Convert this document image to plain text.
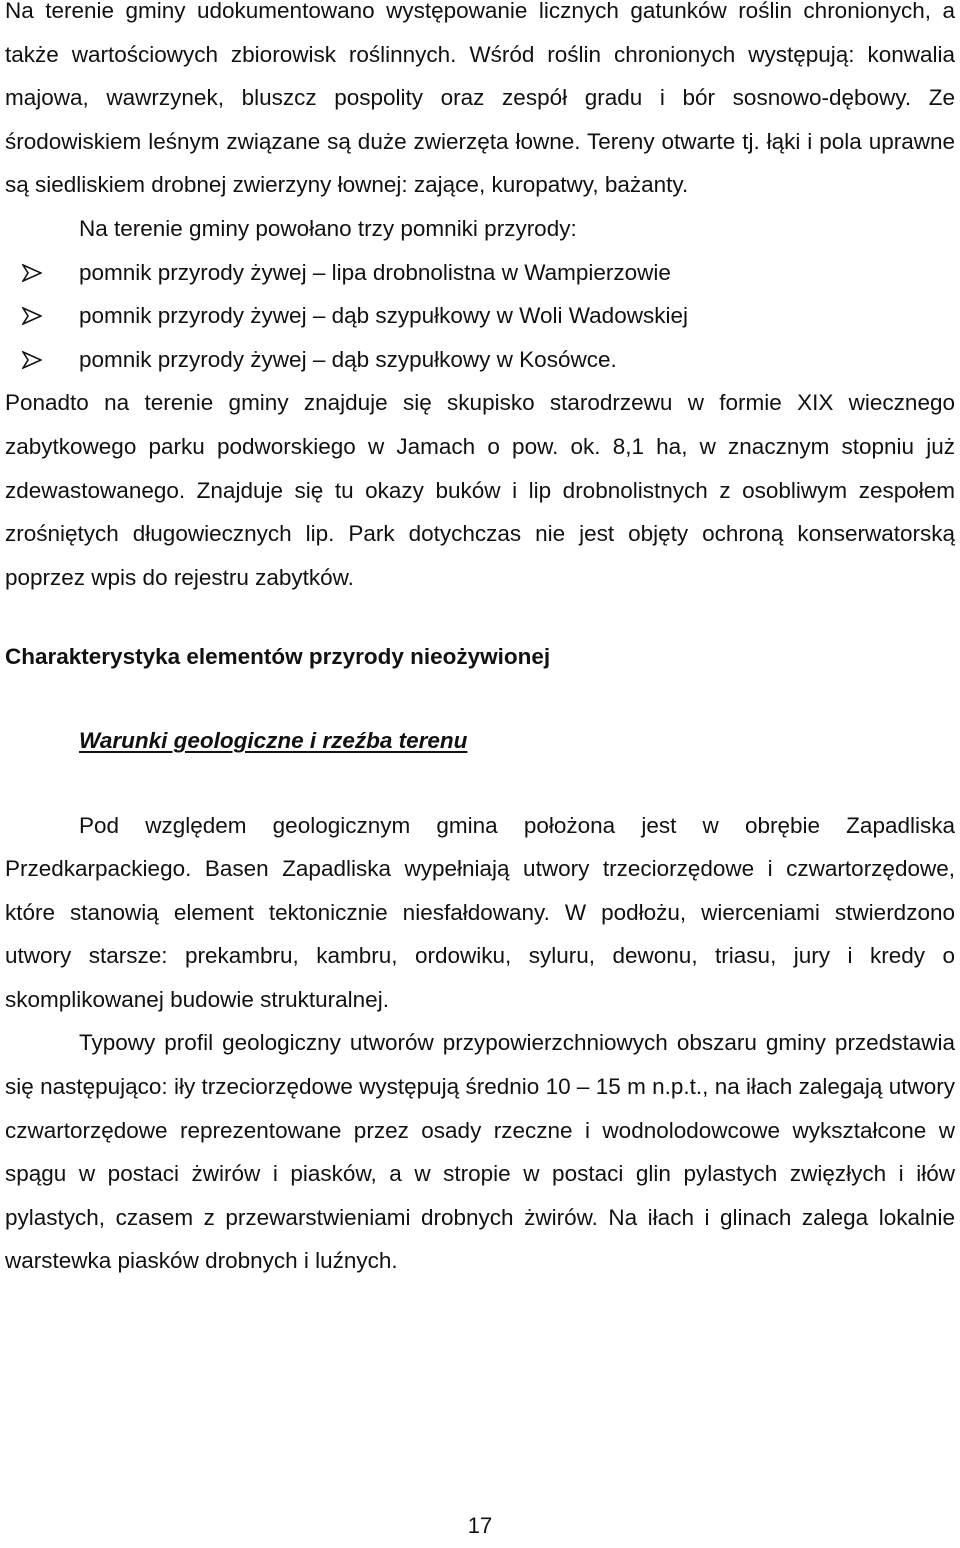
Na terenie gminy udokumentowano występowanie licznych gatunków roślin chronionych, a także wartościowych zbiorowisk roślinnych. Wśród roślin chronionych występują: konwalia majowa, wawrzynek, bluszcz pospolity oraz zespół gradu i bór sosnowo-dębowy. Ze środowiskiem leśnym związane są duże zwierzęta łowne. Tereny otwarte tj. łąki i pola uprawne są siedliskiem drobnej zwierzyny łownej: zające, kuropatwy, bażanty.

Na terenie gminy powołano trzy pomniki przyrody:

pomnik przyrody żywej – lipa drobnolistna w Wampierzowie
pomnik przyrody żywej – dąb szypułkowy w Woli Wadowskiej
pomnik przyrody żywej – dąb szypułkowy w Kosówce.

Ponadto na terenie gminy znajduje się skupisko starodrzewu w formie XIX wiecznego zabytkowego parku podworskiego w Jamach o pow. ok. 8,1 ha, w znacznym stopniu już zdewastowanego. Znajduje się tu okazy buków i lip drobnolistnych z osobliwym zespołem zrośniętych długowiecznych lip. Park dotychczas nie jest objęty ochroną konserwatorską poprzez wpis do rejestru zabytków.

Charakterystyka elementów przyrody nieożywionej
Warunki geologiczne i rzeźba terenu

Pod względem geologicznym gmina położona jest w obrębie Zapadliska Przedkarpackiego. Basen Zapadliska wypełniają utwory trzeciorzędowe i czwartorzędowe, które stanowią element tektonicznie niesfałdowany. W podłożu, wierceniami stwierdzono utwory starsze: prekambru, kambru, ordowiku, syluru, dewonu, triasu, jury i kredy o skomplikowanej budowie strukturalnej.

Typowy profil geologiczny utworów przypowierzchniowych obszaru gminy przedstawia się następująco: iły trzeciorzędowe występują średnio 10 – 15 m n.p.t., na iłach zalegają utwory czwartorzędowe reprezentowane przez osady rzeczne i wodnolodowcowe wykształcone w spągu w postaci żwirów i piasków, a w stropie w postaci glin pylastych zwięzłych i iłów pylastych, czasem z przewarstwieniami drobnych żwirów. Na iłach i glinach zalega lokalnie warstewka piasków drobnych i luźnych.

17
